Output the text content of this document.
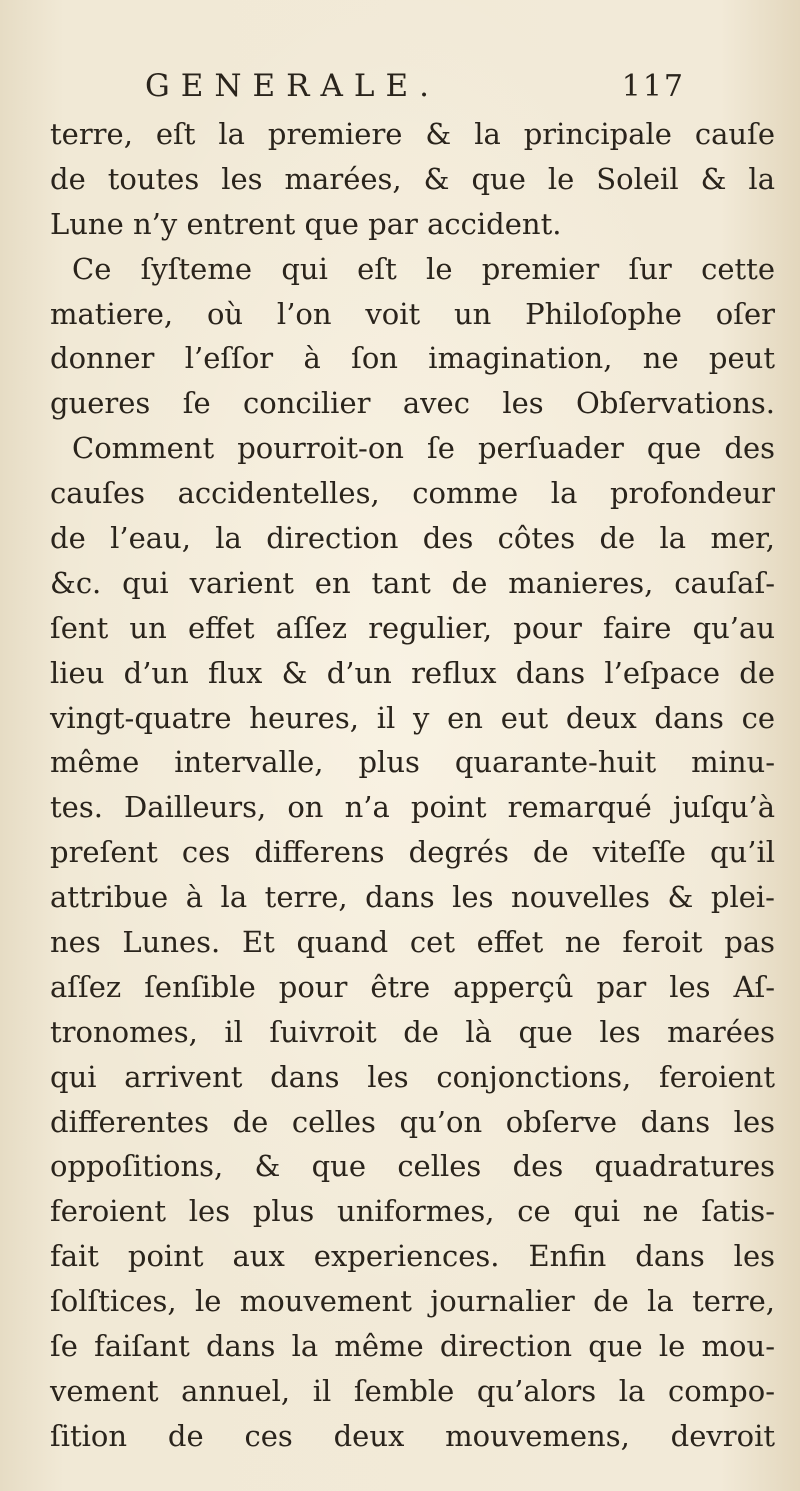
GENERALE.	117
terre, eſt la premiere & la principale cauſe
de toutes les marées, & que le Soleil & la
Lune n’y entrent que par accident.
Ce ſyſteme qui eſt le premier ſur cette
matiere, où l’on voit un Philoſophe oſer
donner l’eſſor à ſon imagination, ne peut
gueres ſe concilier avec les Obſervations.
Comment pourroit-on ſe perſuader que des
cauſes accidentelles, comme la profondeur
de l’eau, la direction des côtes de la mer,
&c. qui varient en tant de manieres, cauſaſ-
ſent un effet aſſez regulier, pour faire qu’au
lieu d’un flux & d’un reflux dans l’eſpace de
vingt-quatre heures, il y en eut deux dans ce
même intervalle, plus quarante-huit minu-
tes. Dailleurs, on n’a point remarqué juſqu’à
preſent ces differens degrés de viteſſe qu’il
attribue à la terre, dans les nouvelles & plei-
nes Lunes. Et quand cet effet ne feroit pas
aſſez ſenſible pour être apperçû par les Aſ-
tronomes, il ſuivroit de là que les marées
qui arrivent dans les conjonctions, feroient
differentes de celles qu’on obſerve dans les
oppoſitions, & que celles des quadratures
feroient les plus uniformes, ce qui ne ſatis-
fait point aux experiences. Enfin dans les
ſolſtices, le mouvement journalier de la terre,
ſe faiſant dans la même direction que le mou-
vement annuel, il ſemble qu’alors la compo-
ſition de ces deux mouvemens, devroit
